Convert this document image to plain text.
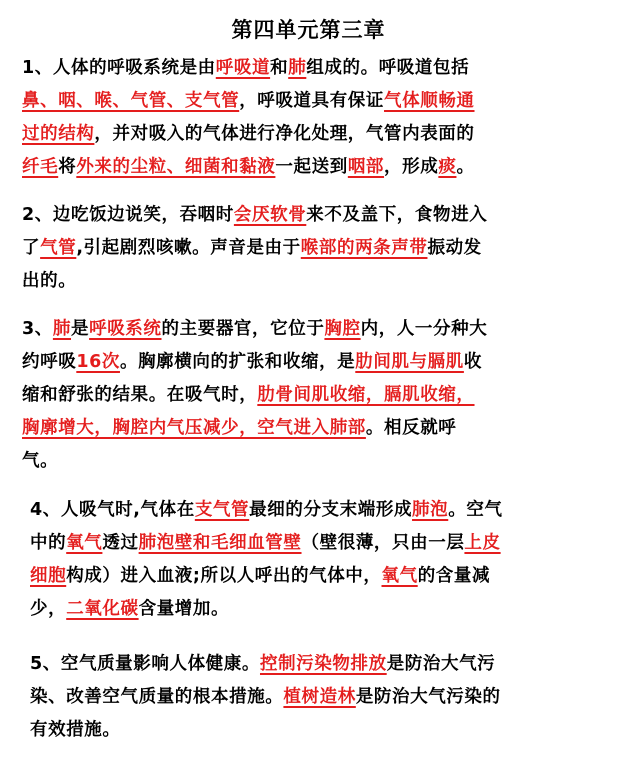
第四单元第三章
1、人体的呼吸系统是由呼吸道和肺组成的。呼吸道包括
鼻、咽、喉、气管、支气管，呼吸道具有保证气体顺畅通
过的结构，并对吸入的气体进行净化处理，气管内表面的
纤毛将外来的尘粒、细菌和黏液一起送到咽部，形成痰。
2、边吃饭边说笑，吞咽时会厌软骨来不及盖下，食物进入
了气管,引起剧烈咳嗽。声音是由于喉部的两条声带振动发
出的。
3、肺是呼吸系统的主要器官，它位于胸腔内，人一分种大
约呼吸16次。胸廓横向的扩张和收缩，是肋间肌与膈肌收
缩和舒张的结果。在吸气时，肋骨间肌收缩，膈肌收缩，
胸廓增大，胸腔内气压减少，空气进入肺部。相反就呼
气。
4、人吸气时,气体在支气管最细的分支末端形成肺泡。空气
中的氧气透过肺泡壁和毛细血管壁（壁很薄，只由一层上皮
细胞构成）进入血液;所以人呼出的气体中，氧气的含量减
少，二氧化碳含量增加。
5、空气质量影响人体健康。控制污染物排放是防治大气污
染、改善空气质量的根本措施。植树造林是防治大气污染的
有效措施。
